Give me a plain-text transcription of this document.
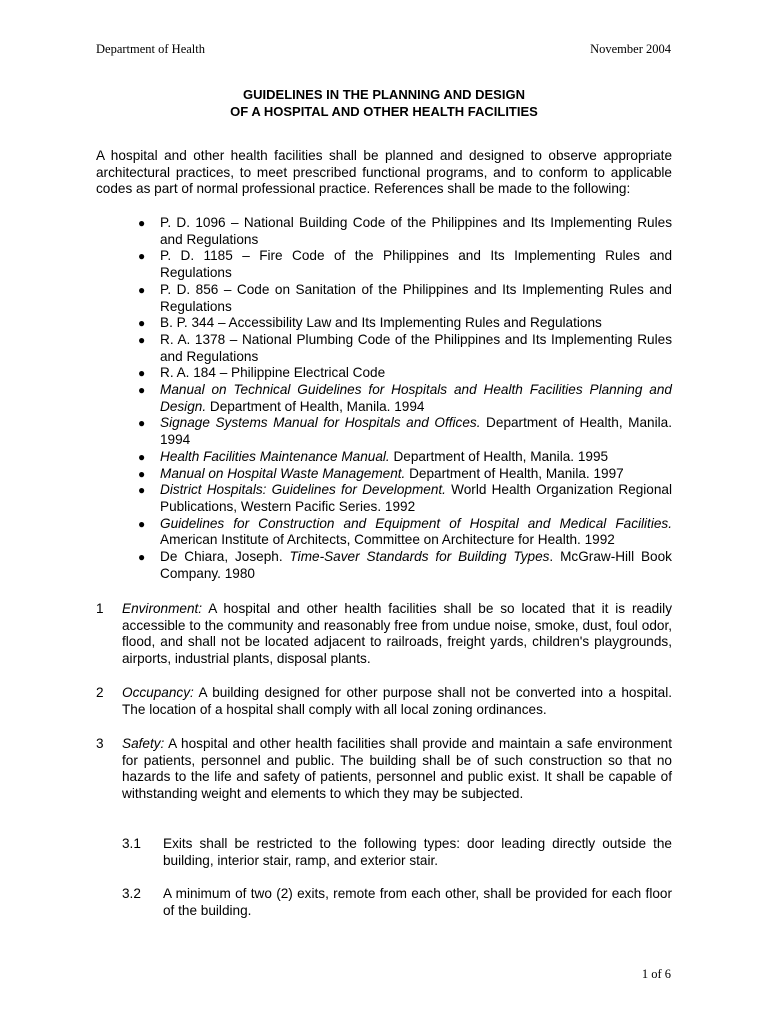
Department of Health	November 2004
GUIDELINES IN THE PLANNING AND DESIGN
OF A HOSPITAL AND OTHER HEALTH FACILITIES

A hospital and other health facilities shall be planned and designed to observe appropriate architectural practices, to meet prescribed functional programs, and to conform to applicable codes as part of normal professional practice. References shall be made to the following:

● P. D. 1096 – National Building Code of the Philippines and Its Implementing Rules and Regulations
● P. D. 1185 – Fire Code of the Philippines and Its Implementing Rules and Regulations
● P. D. 856 – Code on Sanitation of the Philippines and Its Implementing Rules and Regulations
● B. P. 344 – Accessibility Law and Its Implementing Rules and Regulations
● R. A. 1378 – National Plumbing Code of the Philippines and Its Implementing Rules and Regulations
● R. A. 184 – Philippine Electrical Code
● Manual on Technical Guidelines for Hospitals and Health Facilities Planning and Design. Department of Health, Manila. 1994
● Signage Systems Manual for Hospitals and Offices. Department of Health, Manila. 1994
● Health Facilities Maintenance Manual. Department of Health, Manila. 1995
● Manual on Hospital Waste Management. Department of Health, Manila. 1997
● District Hospitals: Guidelines for Development. World Health Organization Regional Publications, Western Pacific Series. 1992
● Guidelines for Construction and Equipment of Hospital and Medical Facilities. American Institute of Architects, Committee on Architecture for Health. 1992
● De Chiara, Joseph. Time-Saver Standards for Building Types. McGraw-Hill Book Company. 1980
1 Environment: A hospital and other health facilities shall be so located that it is readily accessible to the community and reasonably free from undue noise, smoke, dust, foul odor, flood, and shall not be located adjacent to railroads, freight yards, children's playgrounds, airports, industrial plants, disposal plants.
2 Occupancy: A building designed for other purpose shall not be converted into a hospital. The location of a hospital shall comply with all local zoning ordinances.
3 Safety: A hospital and other health facilities shall provide and maintain a safe environment for patients, personnel and public. The building shall be of such construction so that no hazards to the life and safety of patients, personnel and public exist. It shall be capable of withstanding weight and elements to which they may be subjected.
3.1 Exits shall be restricted to the following types: door leading directly outside the building, interior stair, ramp, and exterior stair.
3.2 A minimum of two (2) exits, remote from each other, shall be provided for each floor of the building.
1 of 6
